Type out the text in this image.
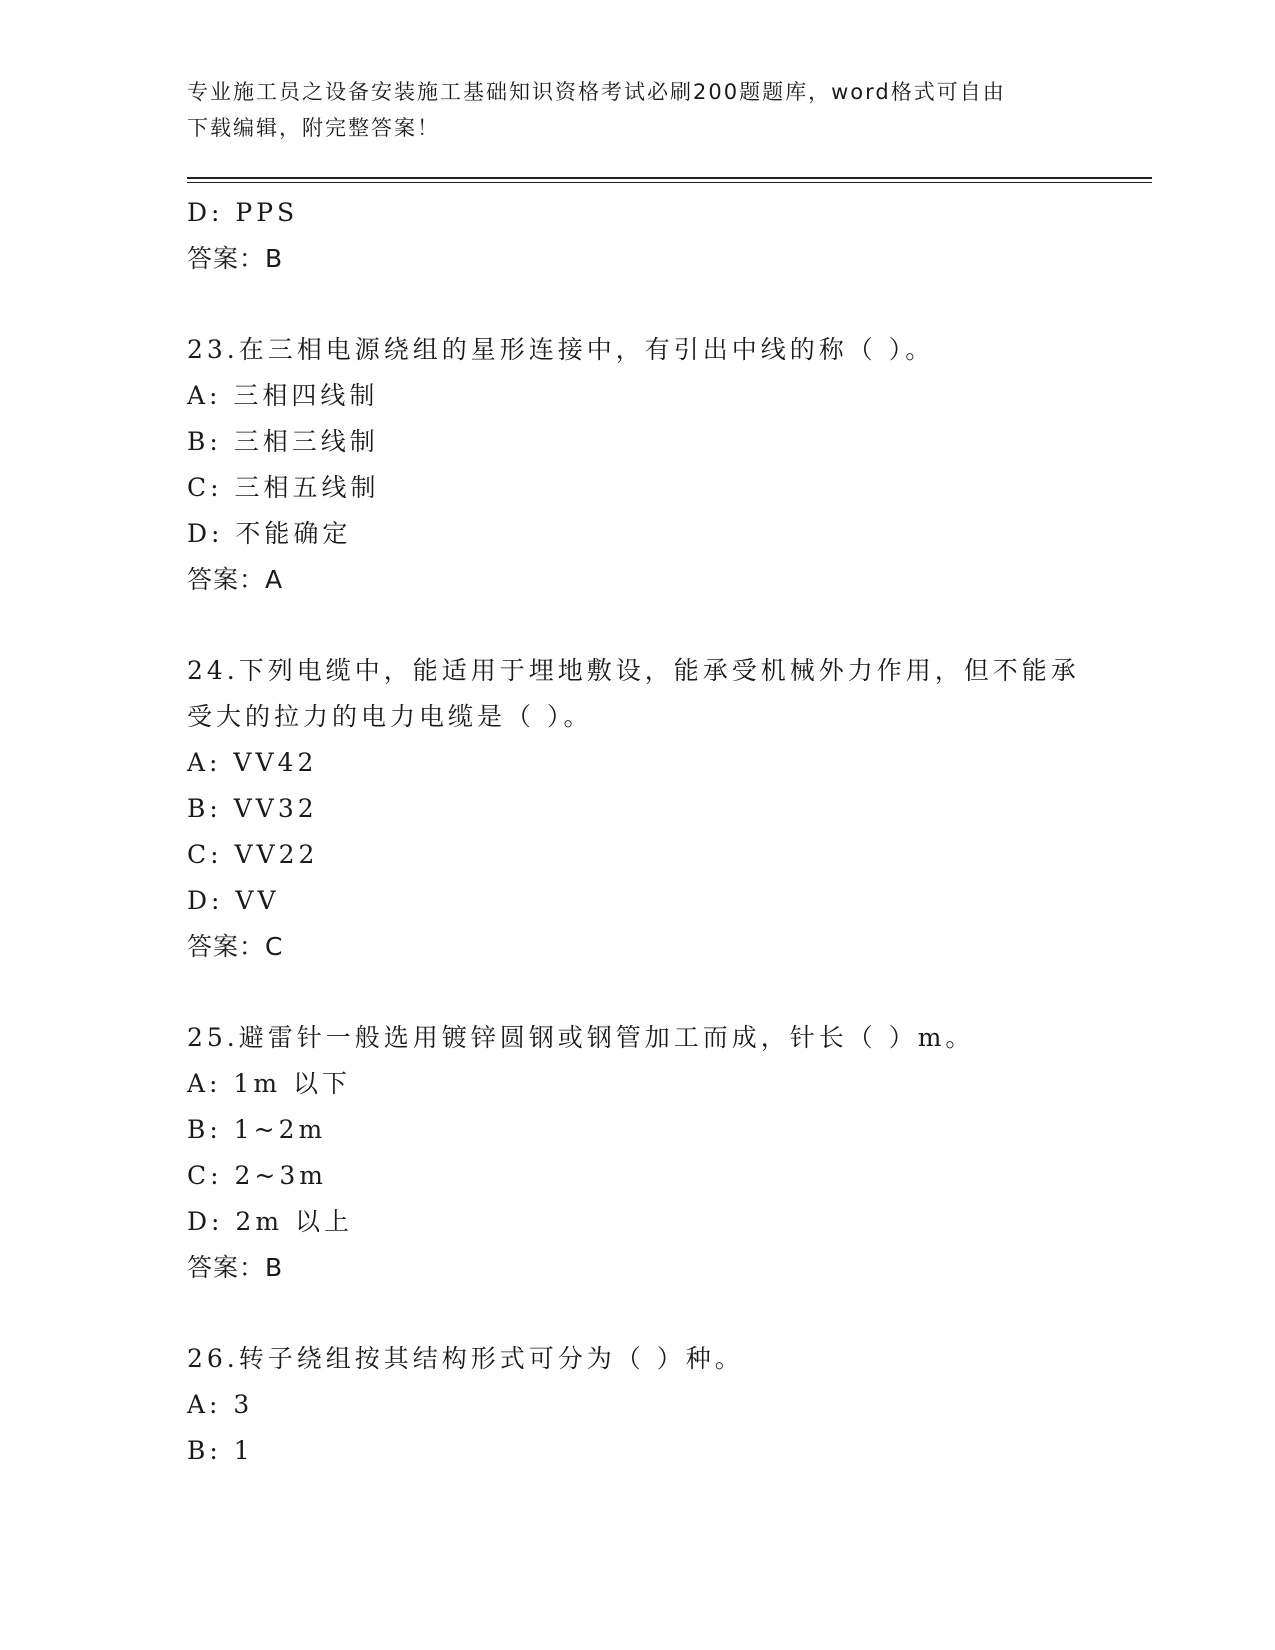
专业施工员之设备安装施工基础知识资格考试必刷200题题库，word格式可自由
下载编辑，附完整答案！
D: PPS
答案：B
23.在三相电源绕组的星形连接中，有引出中线的称（ ）。
A: 三相四线制
B: 三相三线制
C: 三相五线制
D: 不能确定
答案：A
24.下列电缆中，能适用于埋地敷设，能承受机械外力作用，但不能承
受大的拉力的电力电缆是（ ）。
A: VV42
B: VV32
C: VV22
D: VV
答案：C
25.避雷针一般选用镀锌圆钢或钢管加工而成，针长（ ）m。
A: 1m 以下
B: 1~2m
C: 2~3m
D: 2m 以上
答案：B
26.转子绕组按其结构形式可分为（ ）种。
A: 3
B: 1
